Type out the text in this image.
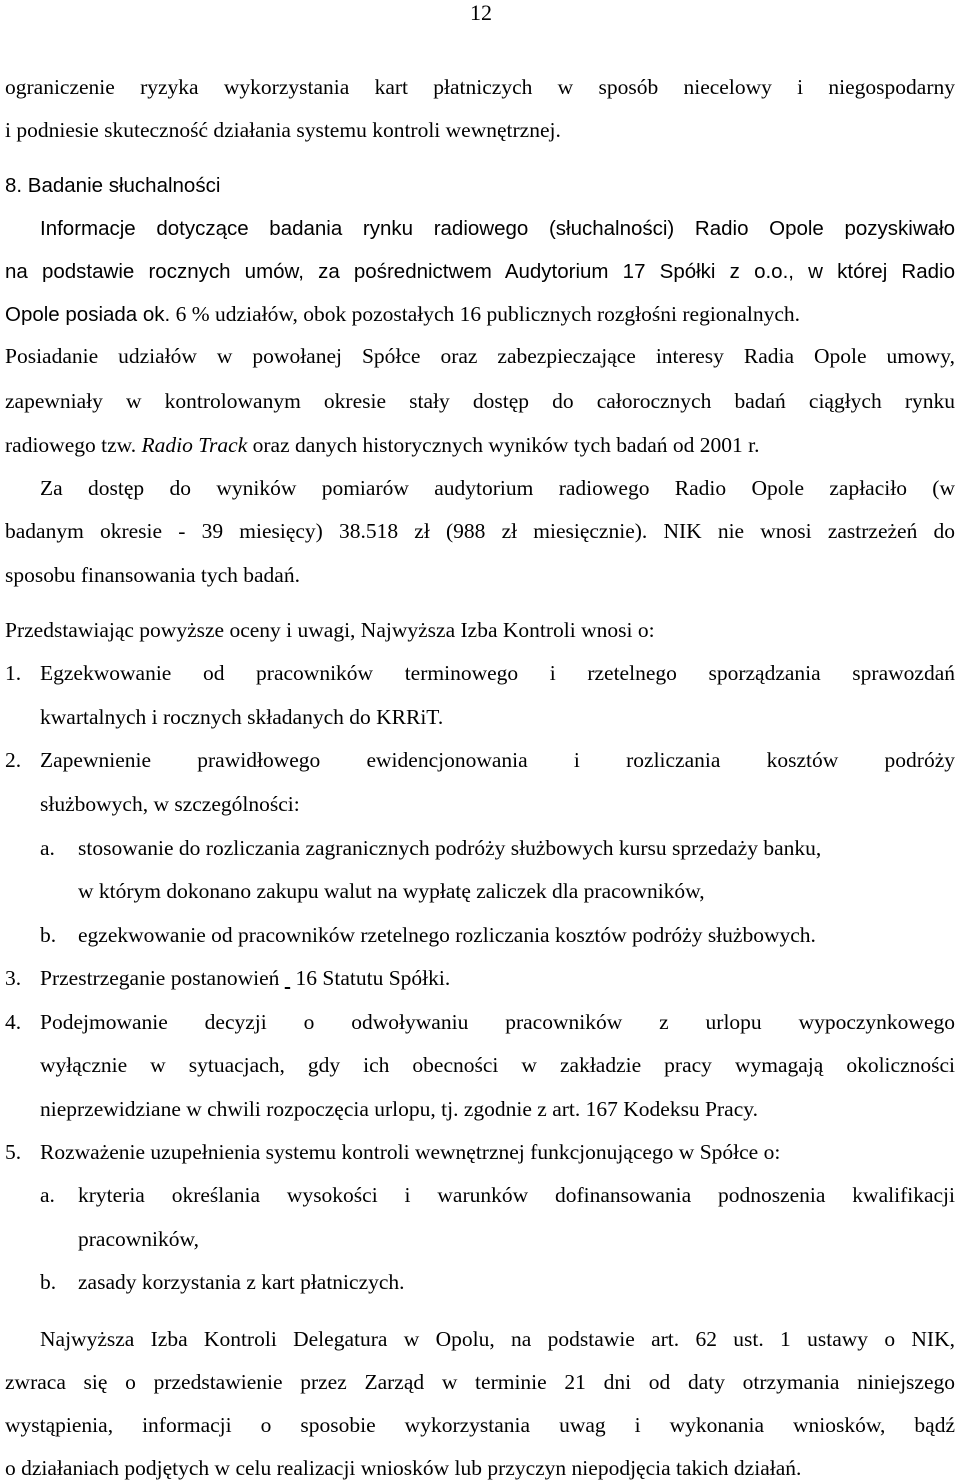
12
ograniczenie ryzyka wykorzystania kart płatniczych w sposób niecelowy i niegospodarny
i podniesie skuteczność działania systemu kontroli wewnętrznej.
8. Badanie słuchalności
Informacje dotyczące badania rynku radiowego (słuchalności) Radio Opole pozyskiwało
na podstawie rocznych umów, za pośrednictwem Audytorium 17 Spółki z o.o., w której Radio
Opole posiada ok. 6 % udziałów, obok pozostałych 16 publicznych rozgłośni regionalnych.
Posiadanie udziałów w powołanej Spółce oraz zabezpieczające interesy Radia Opole umowy,
zapewniały w kontrolowanym okresie stały dostęp do całorocznych badań ciągłych rynku
radiowego tzw. Radio Track oraz danych historycznych wyników tych badań od 2001 r.
Za dostęp do wyników pomiarów audytorium radiowego Radio Opole zapłaciło (w
badanym okresie - 39 miesięcy) 38.518 zł (988 zł miesięcznie). NIK nie wnosi zastrzeżeń do
sposobu finansowania tych badań.
Przedstawiając powyższe oceny i uwagi, Najwyższa Izba Kontroli wnosi o:
1. Egzekwowanie od pracowników terminowego i rzetelnego sporządzania sprawozdań
kwartalnych i rocznych składanych do KRRiT.
2. Zapewnienie prawidłowego ewidencjonowania i rozliczania kosztów podróży
służbowych, w szczególności:
a. stosowanie do rozliczania zagranicznych podróży służbowych kursu sprzedaży banku,
w którym dokonano zakupu walut na wypłatę zaliczek dla pracowników,
b. egzekwowanie od pracowników rzetelnego rozliczania kosztów podróży służbowych.
3. Przestrzeganie postanowień   16 Statutu Spółki.
4. Podejmowanie decyzji o odwoływaniu pracowników z urlopu wypoczynkowego
wyłącznie w sytuacjach, gdy ich obecności w zakładzie pracy wymagają okoliczności
nieprzewidziane w chwili rozpoczęcia urlopu, tj. zgodnie z art. 167 Kodeksu Pracy.
5. Rozważenie uzupełnienia systemu kontroli wewnętrznej funkcjonującego w Spółce o:
a. kryteria określania wysokości i warunków dofinansowania podnoszenia kwalifikacji
pracowników,
b. zasady korzystania z kart płatniczych.
Najwyższa Izba Kontroli Delegatura w Opolu, na podstawie art. 62 ust. 1 ustawy o NIK,
zwraca się o przedstawienie przez Zarząd w terminie 21 dni od daty otrzymania niniejszego
wystąpienia, informacji o sposobie wykorzystania uwag i wykonania wniosków, bądź
o działaniach podjętych w celu realizacji wniosków lub przyczyn niepodjęcia takich działań.
